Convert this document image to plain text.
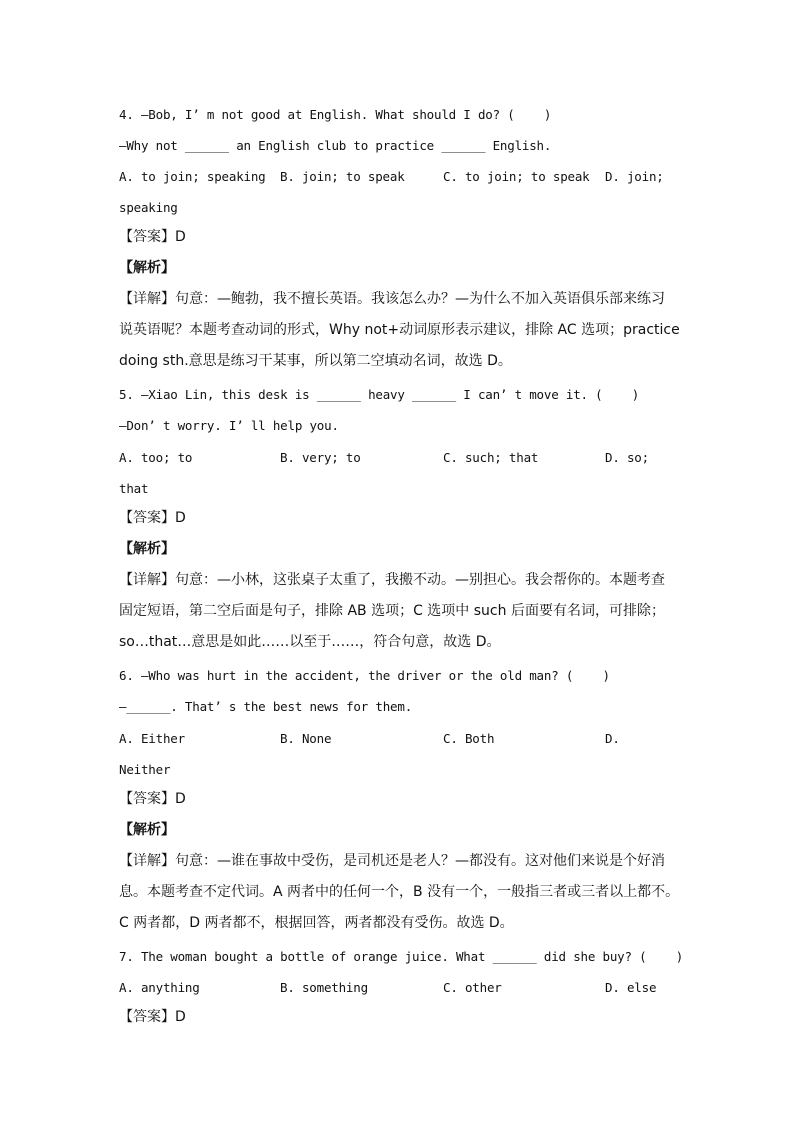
4. —Bob, I’ m not good at English. What should I do? (    )
—Why not ______ an English club to practice ______ English.
A. to join; speaking B. join; to speak	C. to join; to speak D. join;
speaking
【答案】D
【解析】
【详解】句意：—鲍勃，我不擅长英语。我该怎么办？—为什么不加入英语俱乐部来练习
说英语呢？本题考查动词的形式，Why not+动词原形表示建议，排除 AC 选项；practice
doing sth.意思是练习干某事，所以第二空填动名词，故选 D。
5. —Xiao Lin, this desk is ______ heavy ______ I can’ t move it. (    )
—Don’ t worry. I’ ll help you.
A. too; to	B. very; to	C. such; that	D. so;
that
【答案】D
【解析】
【详解】句意：—小林，这张桌子太重了，我搬不动。—别担心。我会帮你的。本题考查
固定短语，第二空后面是句子，排除 AB 选项；C 选项中 such 后面要有名词，可排除；
so…that…意思是如此……以至于……，符合句意，故选 D。
6. —Who was hurt in the accident, the driver or the old man? (    )
—______. That’ s the best news for them.
A. Either	B. None	C. Both	D.
Neither
【答案】D
【解析】
【详解】句意：—谁在事故中受伤，是司机还是老人？—都没有。这对他们来说是个好消
息。本题考查不定代词。A 两者中的任何一个，B 没有一个，一般指三者或三者以上都不。
C 两者都，D 两者都不，根据回答，两者都没有受伤。故选 D。
7. The woman bought a bottle of orange juice. What ______ did she buy? (    )
A. anything	B. something	C. other	D. else
【答案】D
